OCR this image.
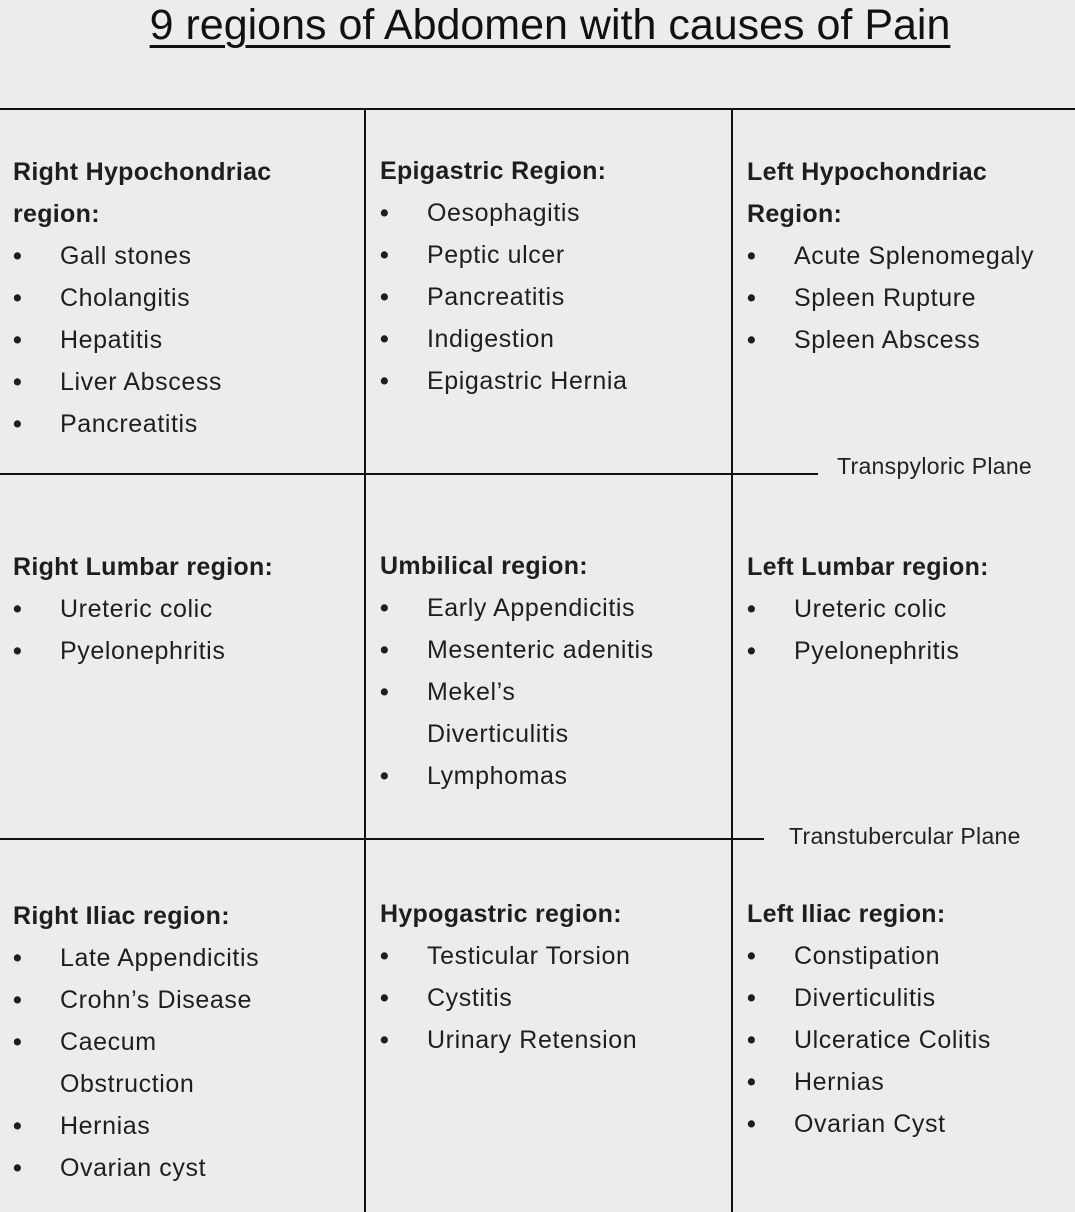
9 regions of Abdomen with causes of Pain
Transpyloric Plane
Transtubercular Plane

Right Hypochondriac region:

• Gall stones
• Cholangitis
• Hepatitis
• Liver Abscess
• Pancreatitis

Epigastric Region:

• Oesophagitis
• Peptic ulcer
• Pancreatitis
• Indigestion
• Epigastric Hernia

Left Hypochondriac Region:

• Acute Splenomegaly
• Spleen Rupture
• Spleen Abscess

Right Lumbar region:

• Ureteric colic
• Pyelonephritis

Umbilical region:

• Early Appendicitis
• Mesenteric adenitis
• Mekel’s Diverticulitis
• Lymphomas

Left Lumbar region:

• Ureteric colic
• Pyelonephritis

Right Iliac region:

• Late Appendicitis
• Crohn’s Disease
• Caecum Obstruction
• Hernias
• Ovarian cyst

Hypogastric region:

• Testicular Torsion
• Cystitis
• Urinary Retension

Left Iliac region:

• Constipation
• Diverticulitis
• Ulceratice Colitis
• Hernias
• Ovarian Cyst
